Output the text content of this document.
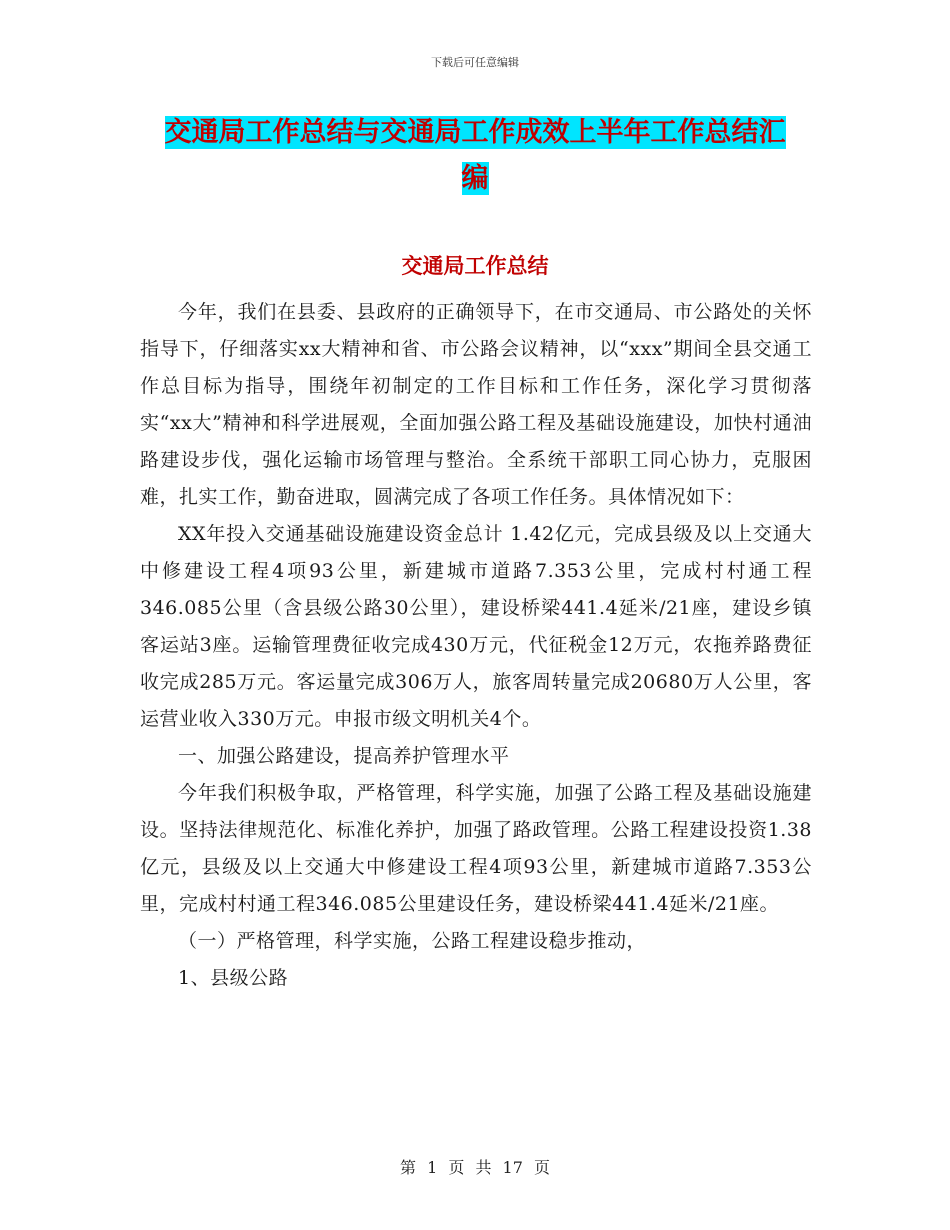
下载后可任意编辑
交通局工作总结与交通局工作成效上半年工作总结汇
编
交通局工作总结

今年，我们在县委、县政府的正确领导下，在市交通局、市公路处的关怀指导下，仔细落实xx大精神和省、市公路会议精神，以“xxx”期间全县交通工作总目标为指导，围绕年初制定的工作目标和工作任务，深化学习贯彻落实“xx大”精神和科学进展观，全面加强公路工程及基础设施建设，加快村通油路建设步伐，强化运输市场管理与整治。全系统干部职工同心协力，克服困难，扎实工作，勤奋进取，圆满完成了各项工作任务。具体情况如下：

XX年投入交通基础设施建设资金总计 1.42亿元，完成县级及以上交通大中修建设工程4项93公里，新建城市道路7.353公里，完成村村通工程346.085公里（含县级公路30公里），建设桥梁441.4延米/21座，建设乡镇客运站3座。运输管理费征收完成430万元，代征税金12万元，农拖养路费征收完成285万元。客运量完成306万人，旅客周转量完成20680万人公里，客运营业收入330万元。申报市级文明机关4个。

一、加强公路建设，提高养护管理水平

今年我们积极争取，严格管理，科学实施，加强了公路工程及基础设施建设。坚持法律规范化、标准化养护，加强了路政管理。公路工程建设投资1.38亿元，县级及以上交通大中修建设工程4项93公里，新建城市道路7.353公里，完成村村通工程346.085公里建设任务，建设桥梁441.4延米/21座。

（一）严格管理，科学实施，公路工程建设稳步推动，

1、县级公路

第 1 页 共 17 页
